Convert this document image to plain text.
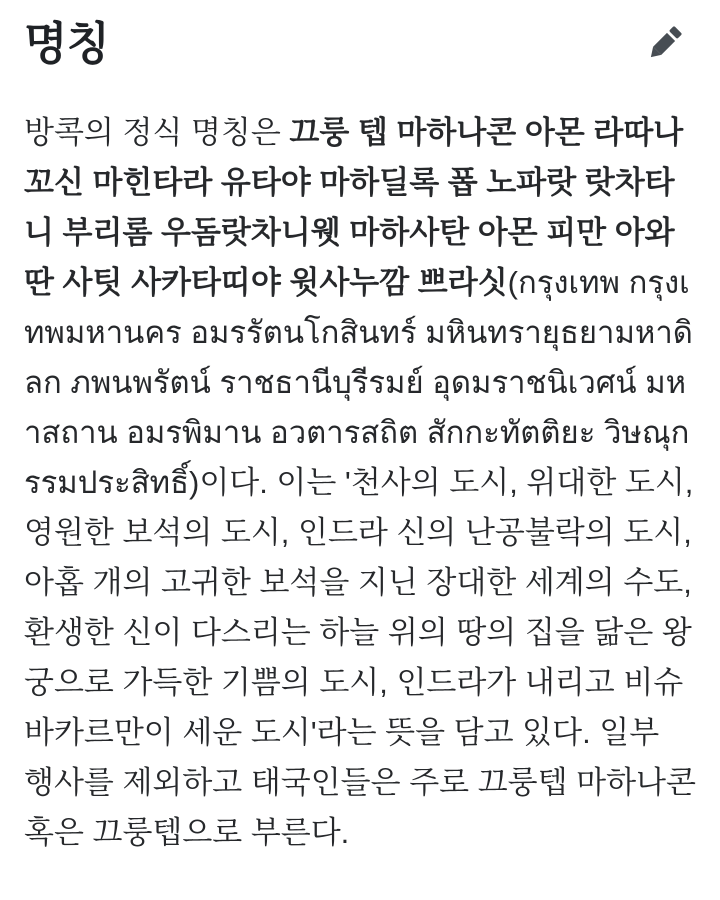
명칭

방콕의 정식 명칭은 끄룽 텝 마하나콘 아몬 라따나꼬신 마힌타라 유타야 마하딜록 폽 노파랏 랏차타니 부리롬 우돔랏차니웻 마하사탄 아몬 피만 아와딴 사팃 사카타띠야 윗사누깜 쁘라싯(กรุงเทพ กรุงเทพมหานคร อมรรัตนโกสินทร์ มหินทรายุธยามหาดิลก ภพนพรัตน์ ราชธานีบุรีรมย์ อุดมราชนิเวศน์ มหาสถาน อมรพิมาน อวตารสถิต สักกะทัตติยะ วิษณุกรรมประสิทธิ์)이다. 이는 '천사의 도시, 위대한 도시, 영원한 보석의 도시, 인드라 신의 난공불락의 도시, 아홉 개의 고귀한 보석을 지닌 장대한 세계의 수도, 환생한 신이 다스리는 하늘 위의 땅의 집을 닮은 왕궁으로 가득한 기쁨의 도시, 인드라가 내리고 비슈바카르만이 세운 도시'라는 뜻을 담고 있다. 일부 행사를 제외하고 태국인들은 주로 끄룽텝 마하나콘 혹은 끄룽텝으로 부른다.
